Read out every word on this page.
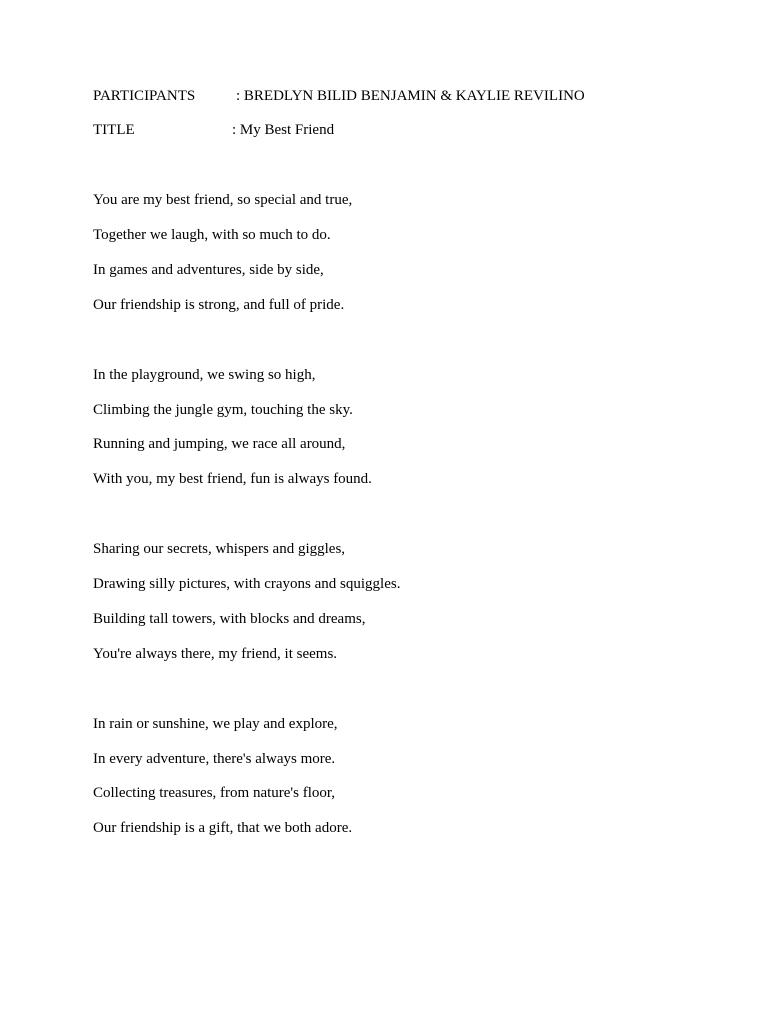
PARTICIPANTS	: BREDLYN BILID BENJAMIN & KAYLIE REVILINO
TITLE	: My Best Friend
You are my best friend, so special and true,
Together we laugh, with so much to do.
In games and adventures, side by side,
Our friendship is strong, and full of pride.
In the playground, we swing so high,
Climbing the jungle gym, touching the sky.
Running and jumping, we race all around,
With you, my best friend, fun is always found.
Sharing our secrets, whispers and giggles,
Drawing silly pictures, with crayons and squiggles.
Building tall towers, with blocks and dreams,
You're always there, my friend, it seems.
In rain or sunshine, we play and explore,
In every adventure, there's always more.
Collecting treasures, from nature's floor,
Our friendship is a gift, that we both adore.
